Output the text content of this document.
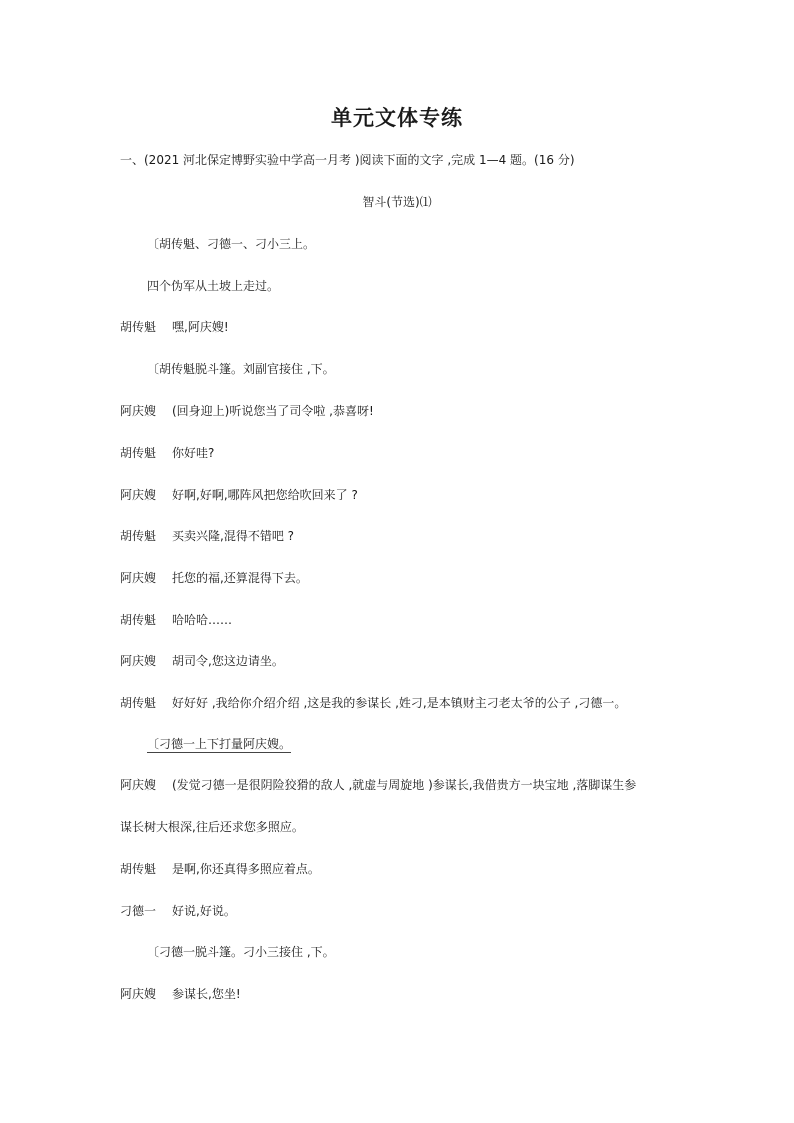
单元文体专练
一、(2021 河北保定博野实验中学高一月考 )阅读下面的文字 ,完成 1—4 题。(16 分)
智斗(节选)⑴
〔胡传魁、刁德一、刁小三上。
四个伪军从土坡上走过。
胡传魁 嘿,阿庆嫂!
〔胡传魁脱斗篷。刘副官接住 ,下。
阿庆嫂 (回身迎上)听说您当了司令啦 ,恭喜呀!
胡传魁 你好哇?
阿庆嫂 好啊,好啊,哪阵风把您给吹回来了 ?
胡传魁 买卖兴隆,混得不错吧 ?
阿庆嫂 托您的福,还算混得下去。
胡传魁 哈哈哈……
阿庆嫂 胡司令,您这边请坐。
胡传魁 好好好 ,我给你介绍介绍 ,这是我的参谋长 ,姓刁,是本镇财主刁老太爷的公子 ,刁德一。
〔刁德一上下打量阿庆嫂。
阿庆嫂 (发觉刁德一是很阴险狡猾的敌人 ,就虚与周旋地 )参谋长,我借贵方一块宝地 ,落脚谋生参
谋长树大根深,往后还求您多照应。
胡传魁 是啊,你还真得多照应着点。
刁德一 好说,好说。
〔刁德一脱斗篷。刁小三接住 ,下。
阿庆嫂 参谋长,您坐!
